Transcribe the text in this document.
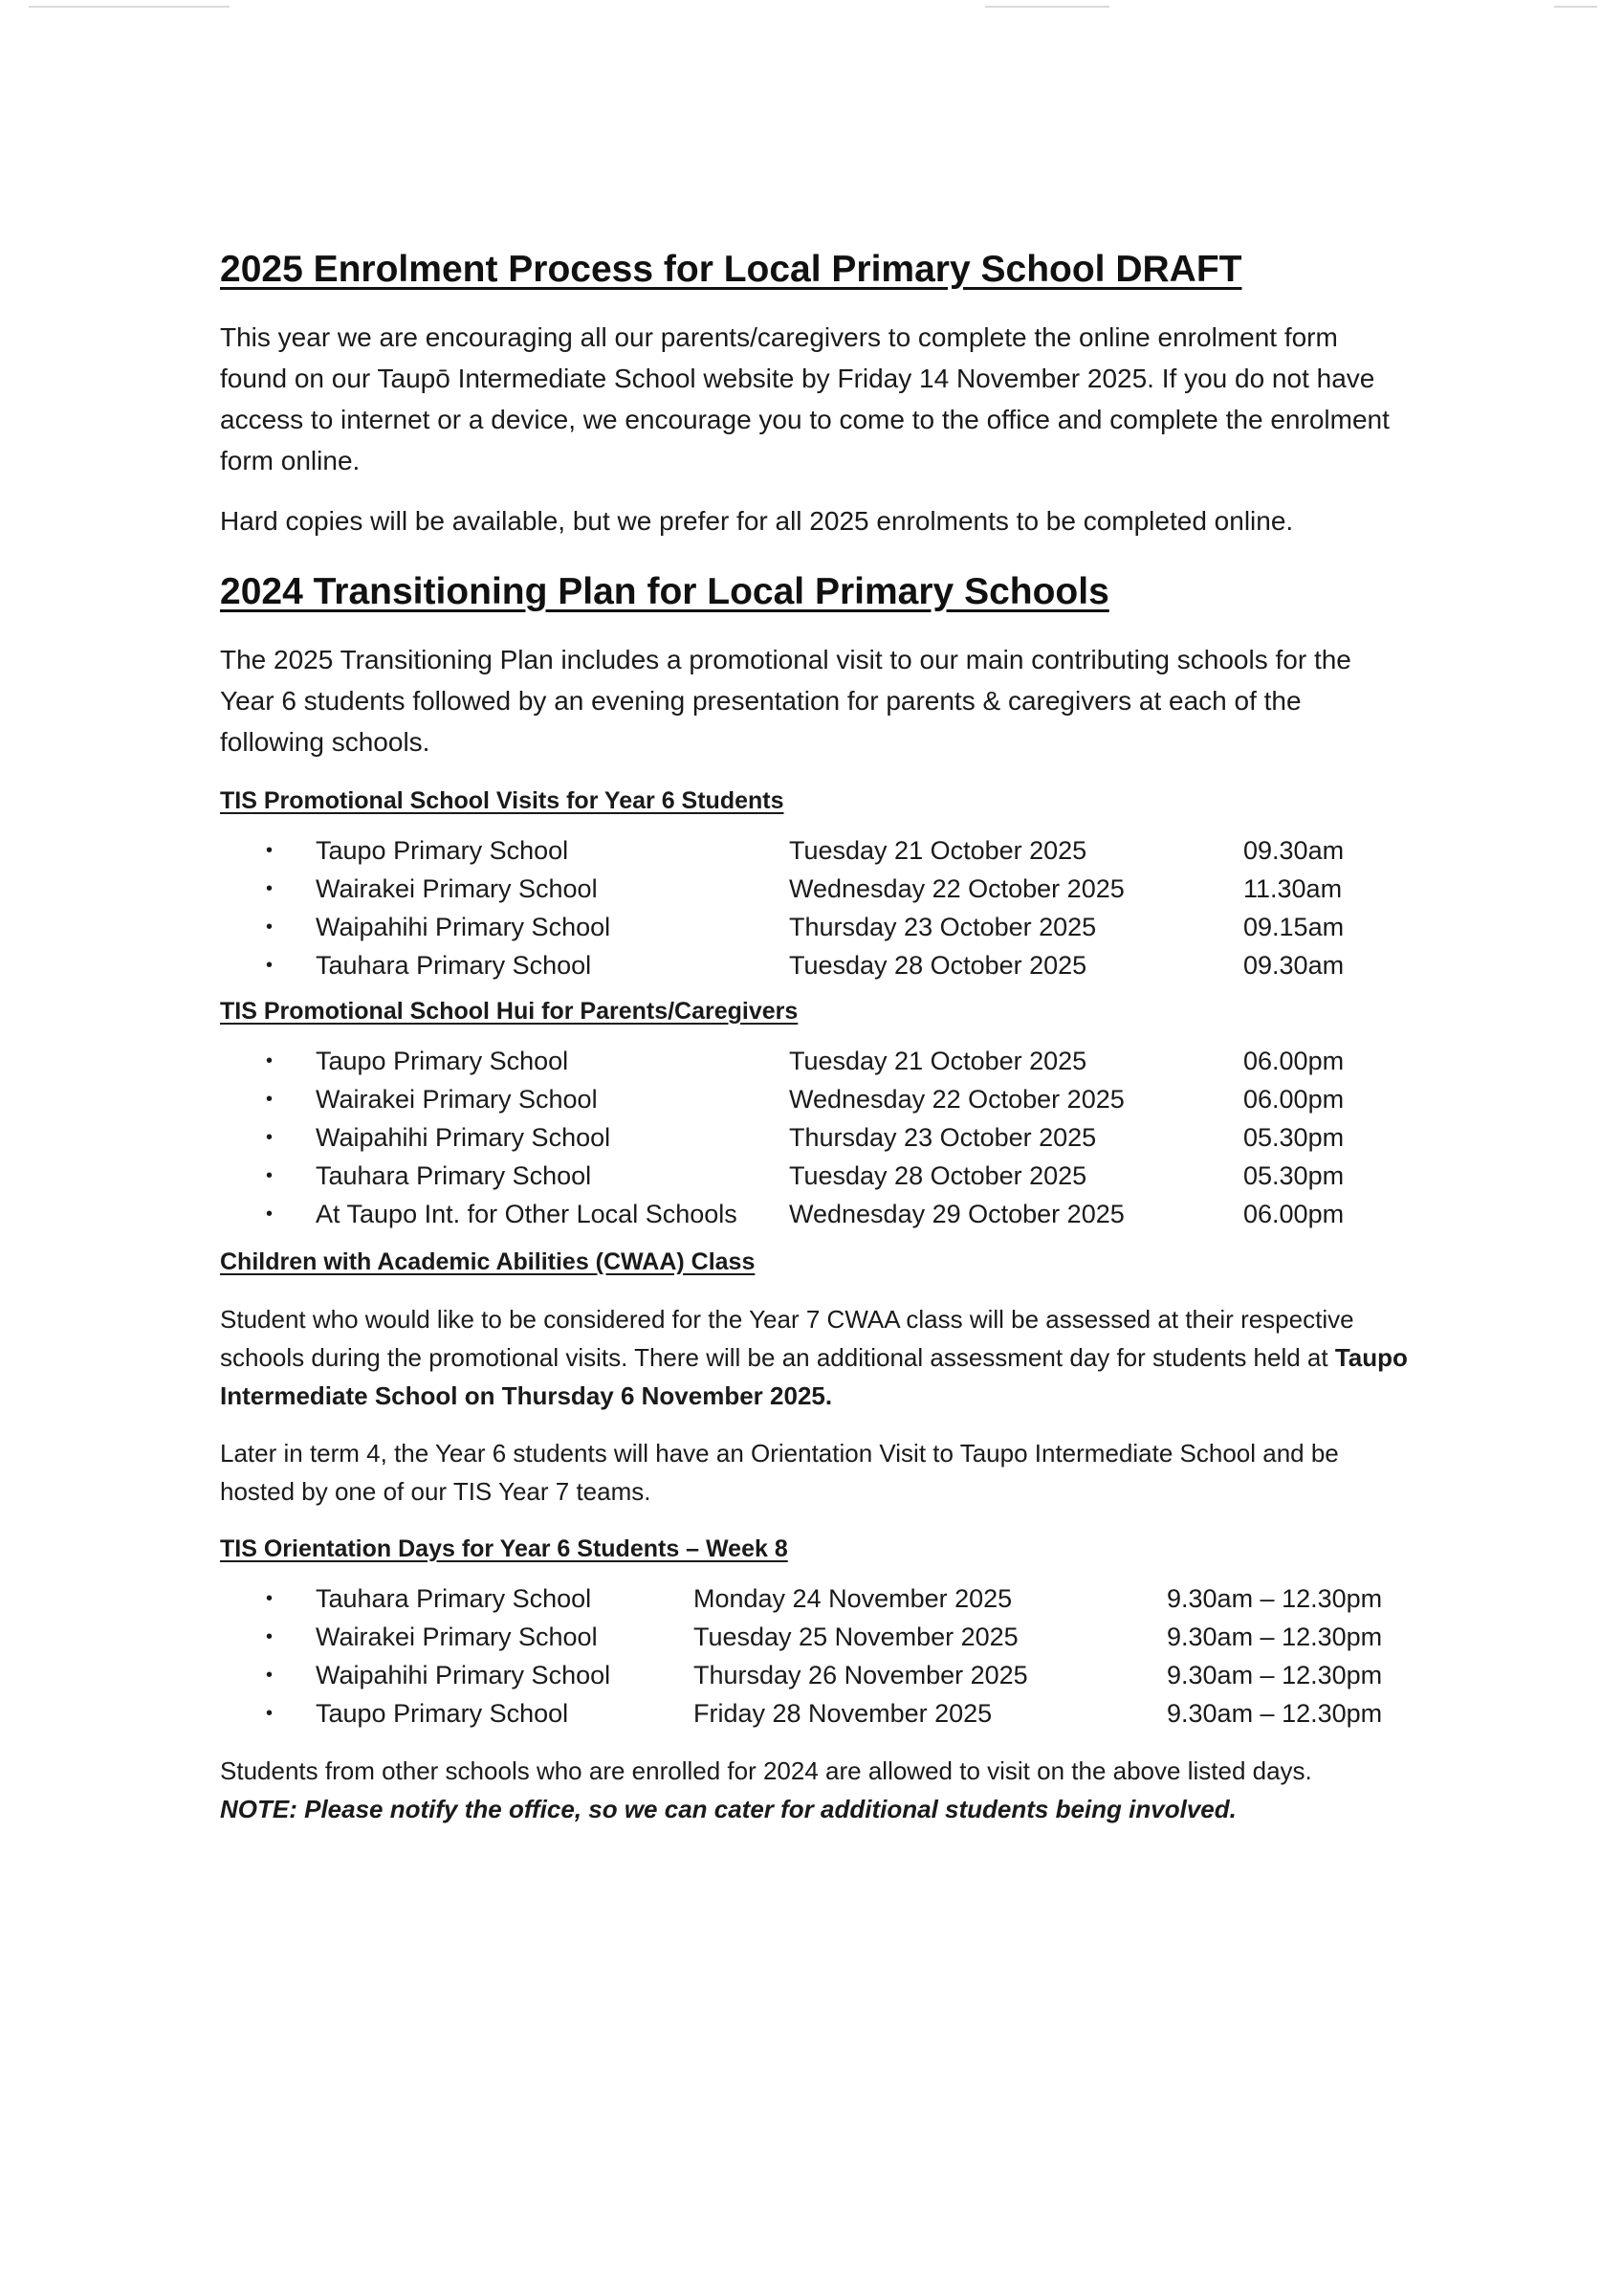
2025 Enrolment Process for Local Primary School DRAFT

This year we are encouraging all our parents/caregivers to complete the online enrolment form found on our Taupō Intermediate School website by Friday 14 November 2025. If you do not have access to internet or a device, we encourage you to come to the office and complete the enrolment form online.

Hard copies will be available, but we prefer for all 2025 enrolments to be completed online.

2024 Transitioning Plan for Local Primary Schools

The 2025 Transitioning Plan includes a promotional visit to our main contributing schools for the Year 6 students followed by an evening presentation for parents & caregivers at each of the following schools.

TIS Promotional School Visits for Year 6 Students
•	Taupo Primary School	Tuesday 21 October 2025	09.30am
•	Wairakei Primary School	Wednesday 22 October 2025	11.30am
•	Waipahihi Primary School	Thursday 23 October 2025	09.15am
•	Tauhara Primary School	Tuesday 28 October 2025	09.30am
TIS Promotional School Hui for Parents/Caregivers
•	Taupo Primary School	Tuesday 21 October 2025	06.00pm
•	Wairakei Primary School	Wednesday 22 October 2025	06.00pm
•	Waipahihi Primary School	Thursday 23 October 2025	05.30pm
•	Tauhara Primary School	Tuesday 28 October 2025	05.30pm
•	At Taupo Int. for Other Local Schools	Wednesday 29 October 2025	06.00pm
Children with Academic Abilities (CWAA) Class

Student who would like to be considered for the Year 7 CWAA class will be assessed at their respective schools during the promotional visits. There will be an additional assessment day for students held at Taupo Intermediate School on Thursday 6 November 2025.

Later in term 4, the Year 6 students will have an Orientation Visit to Taupo Intermediate School and be hosted by one of our TIS Year 7 teams.

TIS Orientation Days for Year 6 Students – Week 8
•	Tauhara Primary School	Monday 24 November 2025	9.30am – 12.30pm
•	Wairakei Primary School	Tuesday 25 November 2025	9.30am – 12.30pm
•	Waipahihi Primary School	Thursday 26 November 2025	9.30am – 12.30pm
•	Taupo Primary School	Friday 28 November 2025	9.30am – 12.30pm

Students from other schools who are enrolled for 2024 are allowed to visit on the above listed days.

NOTE: Please notify the office, so we can cater for additional students being involved.
